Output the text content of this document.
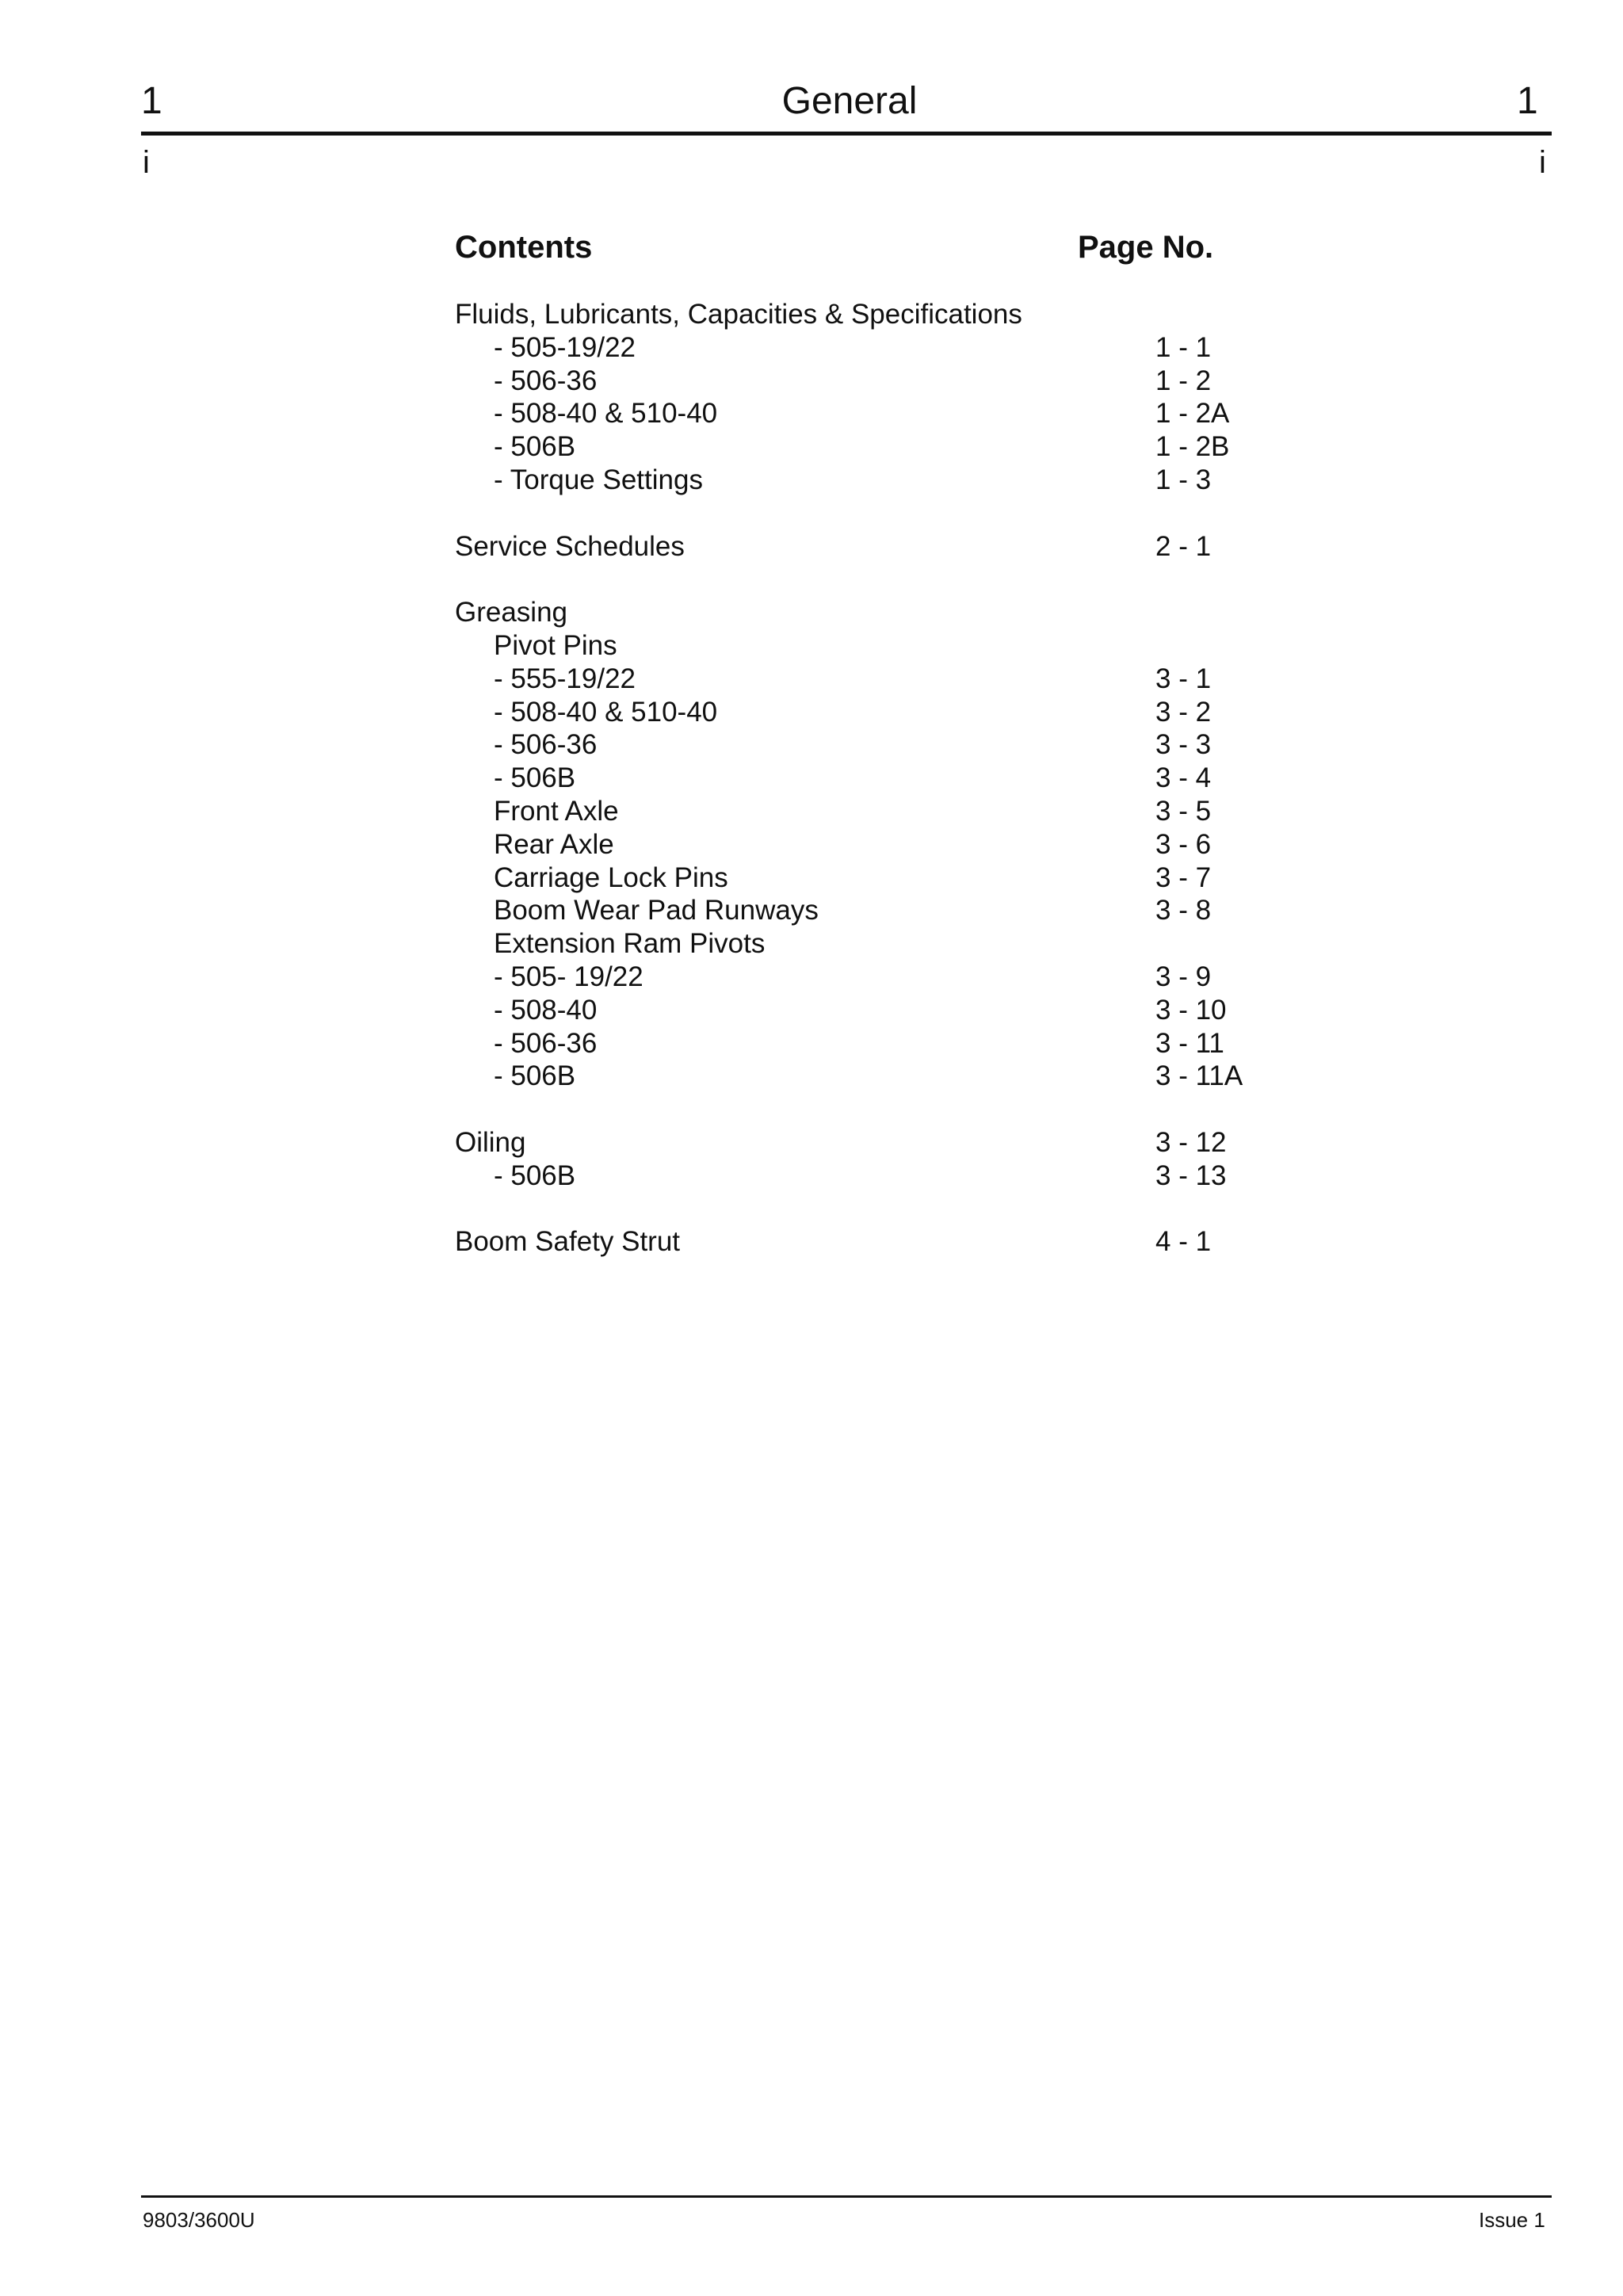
1	General	1
i	i
Contents	Page No.
Fluids, Lubricants, Capacities & Specifications
- 505-19/22	1 - 1
- 506-36	1 - 2
- 508-40 & 510-40	1 - 2A
- 506B	1 - 2B
- Torque Settings	1 - 3
Service Schedules	2 - 1
Greasing
Pivot Pins
- 555-19/22	3 - 1
- 508-40 & 510-40	3 - 2
- 506-36	3 - 3
- 506B	3 - 4
Front Axle	3 - 5
Rear Axle	3 - 6
Carriage Lock Pins	3 - 7
Boom Wear Pad Runways	3 - 8
Extension Ram Pivots
- 505- 19/22	3 - 9
- 508-40	3 - 10
- 506-36	3 - 11
- 506B	3 - 11A
Oiling	3 - 12
- 506B	3 - 13
Boom Safety Strut	4 - 1
9803/3600U	Issue 1
